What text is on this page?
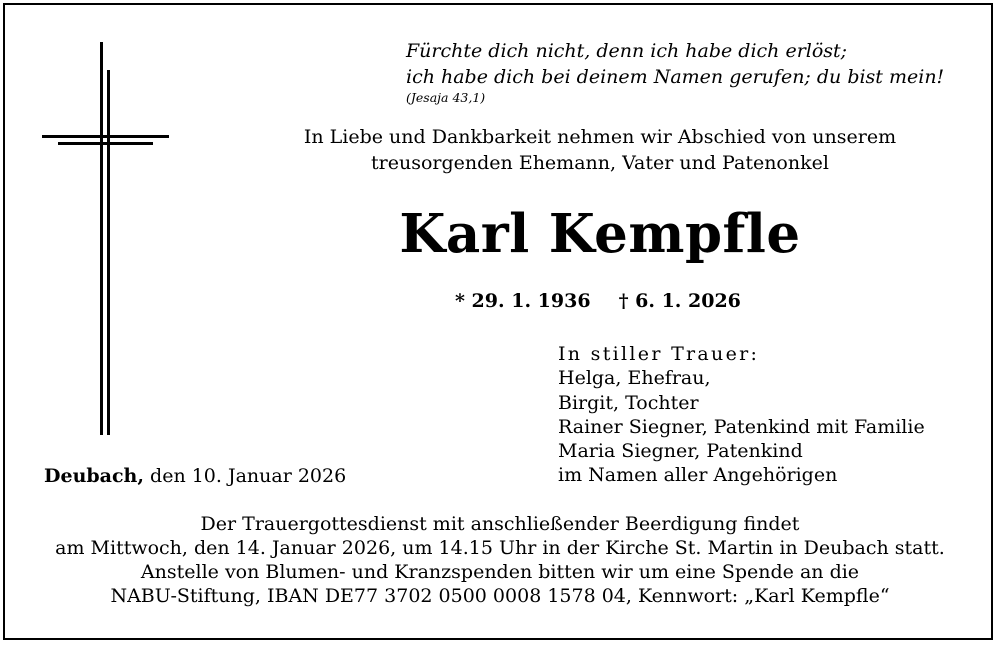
Fürchte dich nicht, denn ich habe dich erlöst;
ich habe dich bei deinem Namen gerufen; du bist mein!
(Jesaja 43,1)
In Liebe und Dankbarkeit nehmen wir Abschied von unserem
treusorgenden Ehemann, Vater und Patenonkel
Karl Kempfle
* 29. 1. 1936 † 6. 1. 2026
In stiller Trauer:
Helga, Ehefrau,
Birgit, Tochter
Rainer Siegner, Patenkind mit Familie
Maria Siegner, Patenkind
im Namen aller Angehörigen
Deubach, den 10. Januar 2026
Der Trauergottesdienst mit anschließender Beerdigung findet
am Mittwoch, den 14. Januar 2026, um 14.15 Uhr in der Kirche St. Martin in Deubach statt.
Anstelle von Blumen- und Kranzspenden bitten wir um eine Spende an die
NABU-Stiftung, IBAN DE77 3702 0500 0008 1578 04, Kennwort: „Karl Kempfle“
